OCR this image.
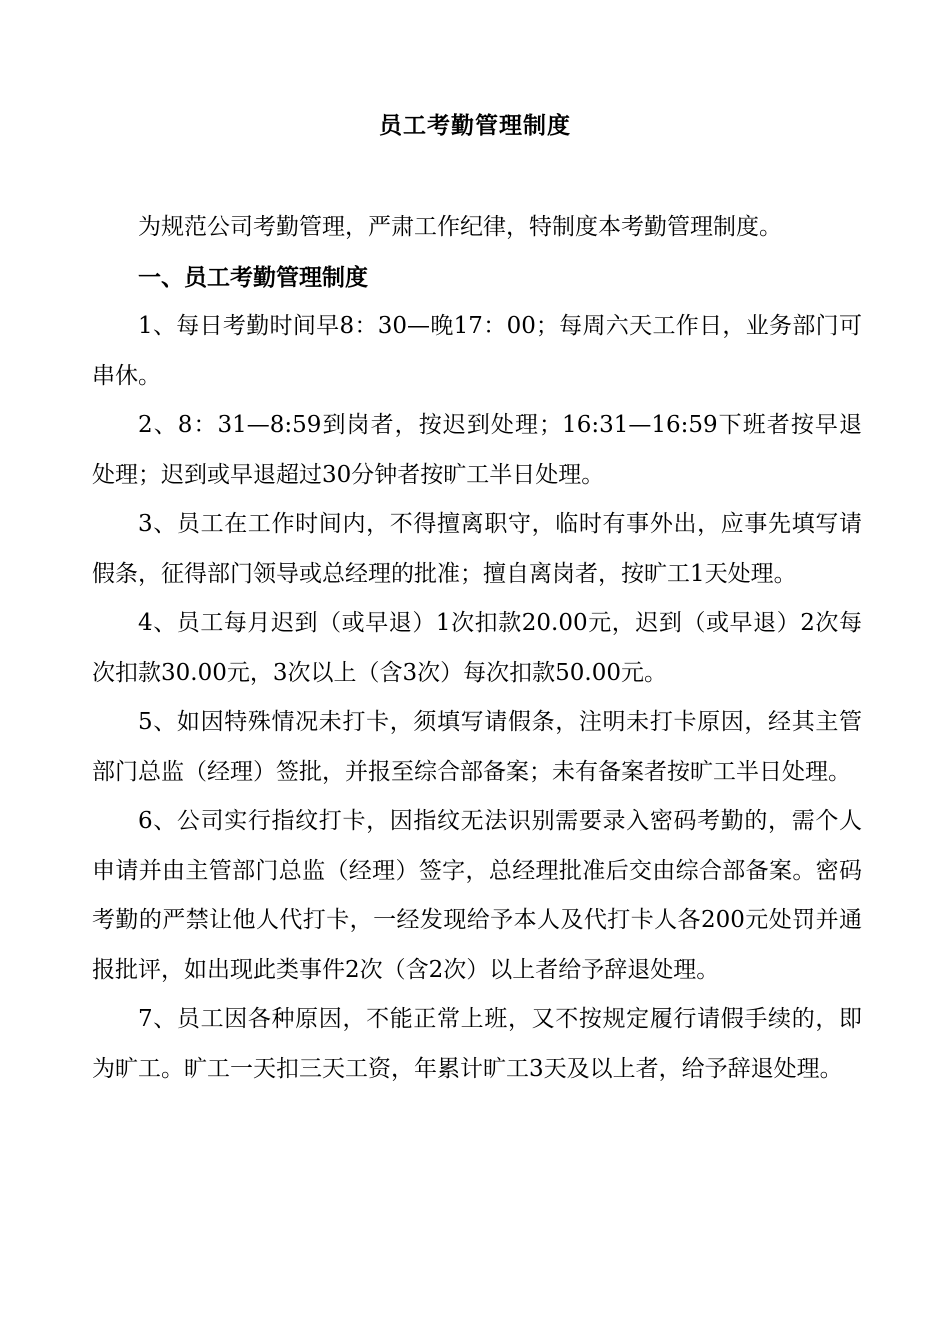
员工考勤管理制度

为规范公司考勤管理，严肃工作纪律，特制度本考勤管理制度。

一、员工考勤管理制度

1、每日考勤时间早8：30—晚17：00；每周六天工作日，业务部门可串休。

2、8：31—8:59到岗者，按迟到处理；16:31—16:59下班者按早退处理；迟到或早退超过30分钟者按旷工半日处理。

3、员工在工作时间内，不得擅离职守，临时有事外出，应事先填写请假条，征得部门领导或总经理的批准；擅自离岗者，按旷工1天处理。

4、员工每月迟到（或早退）1次扣款20.00元，迟到（或早退）2次每次扣款30.00元，3次以上（含3次）每次扣款50.00元。

5、如因特殊情况未打卡，须填写请假条，注明未打卡原因，经其主管部门总监（经理）签批，并报至综合部备案；未有备案者按旷工半日处理。

6、公司实行指纹打卡，因指纹无法识别需要录入密码考勤的，需个人申请并由主管部门总监（经理）签字，总经理批准后交由综合部备案。密码考勤的严禁让他人代打卡，一经发现给予本人及代打卡人各200元处罚并通报批评，如出现此类事件2次（含2次）以上者给予辞退处理。

7、员工因各种原因，不能正常上班，又不按规定履行请假手续的，即为旷工。旷工一天扣三天工资，年累计旷工3天及以上者，给予辞退处理。
